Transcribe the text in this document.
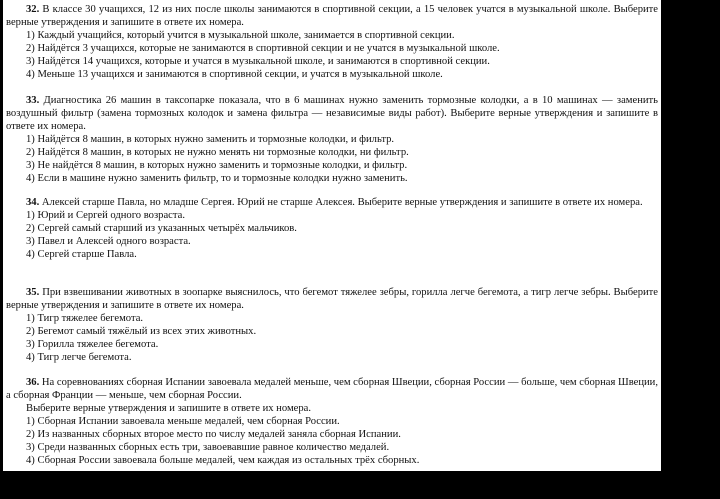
32. В классе 30 учащихся, 12 из них после школы занимаются в спортивной секции, а 15 человек учатся в музыкальной школе. Выберите верные утверждения и запишите в ответе их номера.

1) Каждый учащийся, который учится в музыкальной школе, занимается в спортивной секции.

2) Найдётся 3 учащихся, которые не занимаются в спортивной секции и не учатся в музыкальной школе.

3) Найдётся 14 учащихся, которые и учатся в музыкальной школе, и занимаются в спортивной секции.

4) Меньше 13 учащихся и занимаются в спортивной секции, и учатся в музыкальной школе.

33. Диагностика 26 машин в таксопарке показала, что в 6 машинах нужно заменить тормозные колодки, а в 10 машинах — заменить воздушный фильтр (замена тормозных колодок и замена фильтра — независимые виды работ). Выберите верные утверждения и запишите в ответе их номера.

1) Найдётся 8 машин, в которых нужно заменить и тормозные колодки, и фильтр.

2) Найдётся 8 машин, в которых не нужно менять ни тормозные колодки, ни фильтр.

3) Не найдётся 8 машин, в которых нужно заменить и тормозные колодки, и фильтр.

4) Если в машине нужно заменить фильтр, то и тормозные колодки нужно заменить.

34. Алексей старше Павла, но младше Сергея. Юрий не старше Алексея. Выберите верные утверждения и запишите в ответе их номера.

1) Юрий и Сергей одного возраста.

2) Сергей самый старший из указанных четырёх мальчиков.

3) Павел и Алексей одного возраста.

4) Сергей старше Павла.

35. При взвешивании животных в зоопарке выяснилось, что бегемот тяжелее зебры, горилла легче бегемота, а тигр легче зебры. Выберите верные утверждения и запишите в ответе их номера.

1) Тигр тяжелее бегемота.

2) Бегемот самый тяжёлый из всех этих животных.

3) Горилла тяжелее бегемота.

4) Тигр легче бегемота.

36. На соревнованиях сборная Испании завоевала медалей меньше, чем сборная Швеции, сборная России — больше, чем сборная Швеции, а сборная Франции — меньше, чем сборная России.

Выберите верные утверждения и запишите в ответе их номера.

1) Сборная Испании завоевала меньше медалей, чем сборная России.

2) Из названных сборных второе место по числу медалей заняла сборная Испании.

3) Среди названных сборных есть три, завоевавшие равное количество медалей.

4) Сборная России завоевала больше медалей, чем каждая из остальных трёх сборных.
